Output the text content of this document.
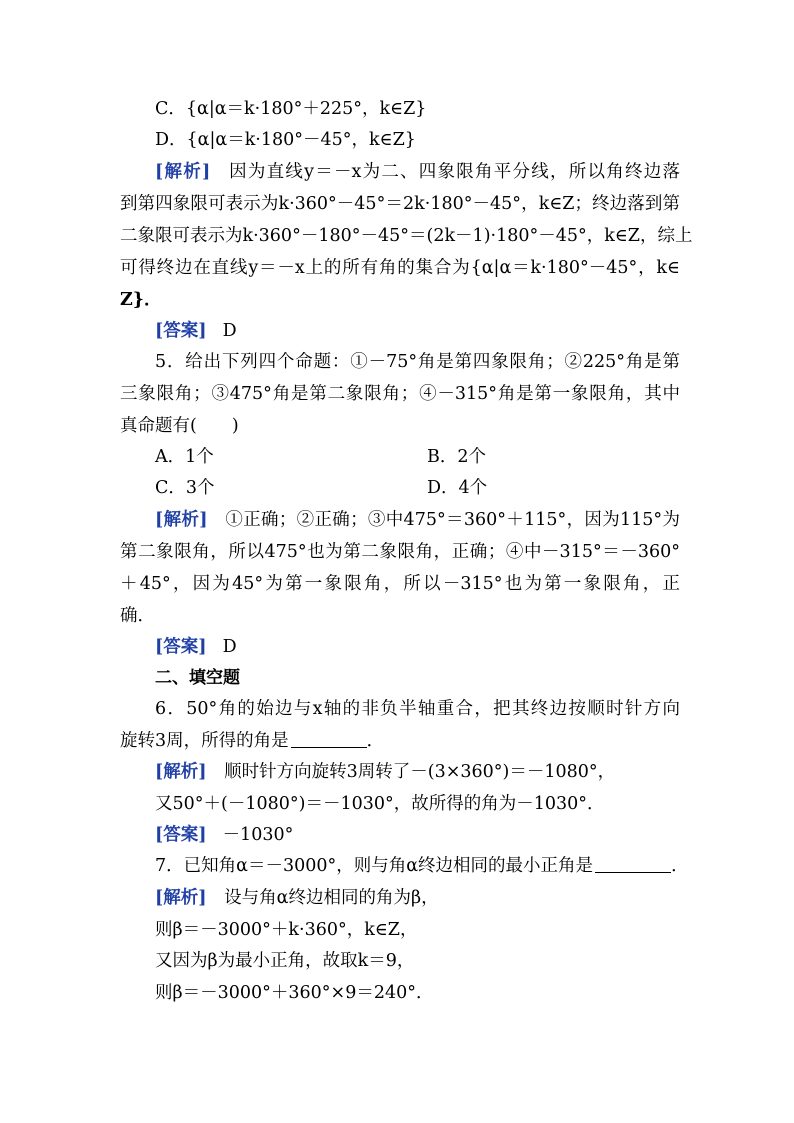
C．{α|α＝k·180°＋225°，k∈Z}
D．{α|α＝k·180°－45°，k∈Z}
[解析] 因为直线y＝－x为二、四象限角平分线，所以角终边落
到第四象限可表示为k·360°－45°＝2k·180°－45°，k∈Z；终边落到第
二象限可表示为k·360°－180°－45°＝(2k－1)·180°－45°，k∈Z，综上
可得终边在直线y＝－x上的所有角的集合为{α|α＝k·180°－45°，k∈
Z}．
[答案] D
5．给出下列四个命题：①－75°角是第四象限角；②225°角是第
三象限角；③475°角是第二象限角；④－315°角是第一象限角，其中
真命题有(　　)
A．1个	B．2个
C．3个	D．4个
[解析] ①正确；②正确；③中475°＝360°＋115°，因为115°为
第二象限角，所以475°也为第二象限角，正确；④中－315°＝－360°
＋45°，因为45°为第一象限角，所以－315°也为第一象限角，正
确．
[答案] D
二、填空题
6．50°角的始边与x轴的非负半轴重合，把其终边按顺时针方向
旋转3周，所得的角是	．
[解析] 顺时针方向旋转3周转了－(3×360°)＝－1080°，
又50°＋(－1080°)＝－1030°，故所得的角为－1030°．
[答案] －1030°
7．已知角α＝－3000°，则与角α终边相同的最小正角是	．
[解析] 设与角α终边相同的角为β，
则β＝－3000°＋k·360°，k∈Z，
又因为β为最小正角，故取k＝9，
则β＝－3000°＋360°×9＝240°．
